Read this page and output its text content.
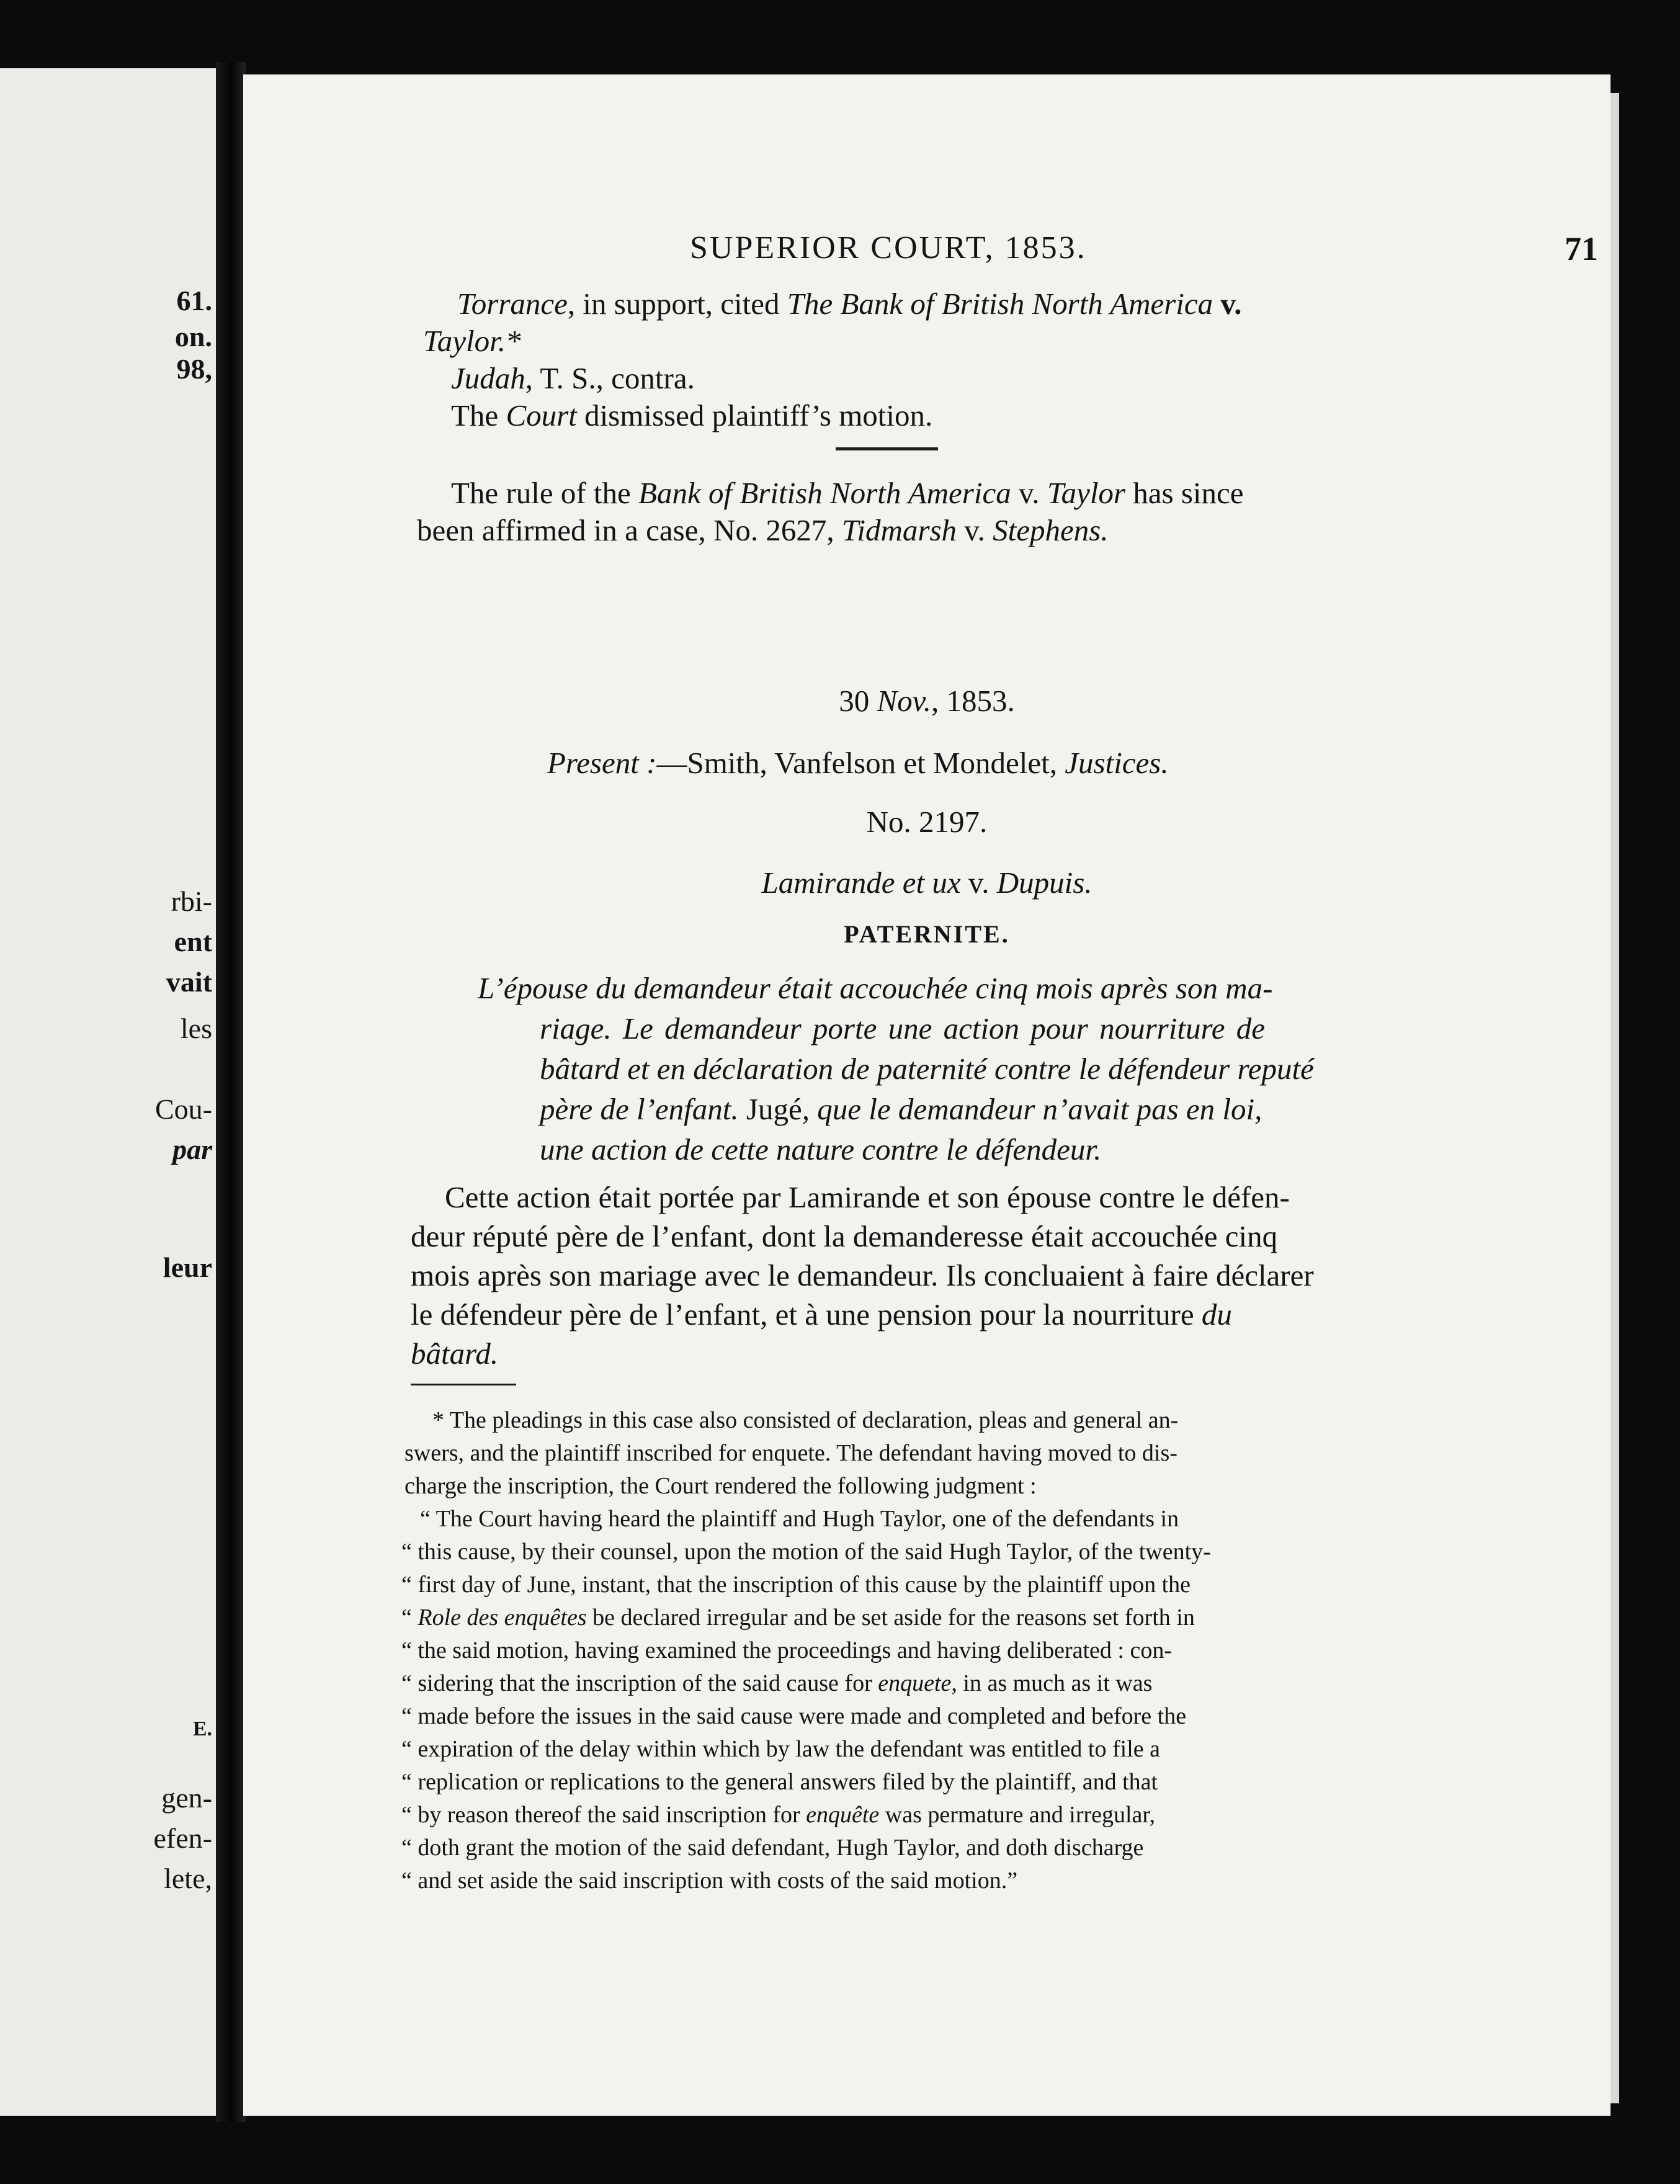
61.
on.
98,
rbi-
ent
vait
les
Cou-
par
leur
E.
gen-
efen-
lete,
SUPERIOR COURT, 1853.	71
Torrance, in support, cited The Bank of British North America v.
Taylor.*
Judah, T. S., contra.
The Court dismissed plaintiff’s motion.
The rule of the Bank of British North America v. Taylor has since
been affirmed in a case, No. 2627, Tidmarsh v. Stephens.
30 Nov., 1853.
Present :—Smith, Vanfelson et Mondelet, Justices.
No. 2197.
Lamirande et ux v. Dupuis.
PATERNITE.
L’épouse du demandeur était accouchée cinq mois après son ma-
riage. Le demandeur porte une action pour nourriture de
bâtard et en déclaration de paternité contre le défendeur reputé
père de l’enfant. Jugé, que le demandeur n’avait pas en loi,
une action de cette nature contre le défendeur.
Cette action était portée par Lamirande et son épouse contre le défen-
deur réputé père de l’enfant, dont la demanderesse était accouchée cinq
mois après son mariage avec le demandeur. Ils concluaient à faire déclarer
le défendeur père de l’enfant, et à une pension pour la nourriture du
bâtard.
* The pleadings in this case also consisted of declaration, pleas and general an-
swers, and the plaintiff inscribed for enquete. The defendant having moved to dis-
charge the inscription, the Court rendered the following judgment :
“ The Court having heard the plaintiff and Hugh Taylor, one of the defendants in
“ this cause, by their counsel, upon the motion of the said Hugh Taylor, of the twenty-
“ first day of June, instant, that the inscription of this cause by the plaintiff upon the
“ Role des enquêtes be declared irregular and be set aside for the reasons set forth in
“ the said motion, having examined the proceedings and having deliberated : con-
“ sidering that the inscription of the said cause for enquete, in as much as it was
“ made before the issues in the said cause were made and completed and before the
“ expiration of the delay within which by law the defendant was entitled to file a
“ replication or replications to the general answers filed by the plaintiff, and that
“ by reason thereof the said inscription for enquête was permature and irregular,
“ doth grant the motion of the said defendant, Hugh Taylor, and doth discharge
“ and set aside the said inscription with costs of the said motion.”
